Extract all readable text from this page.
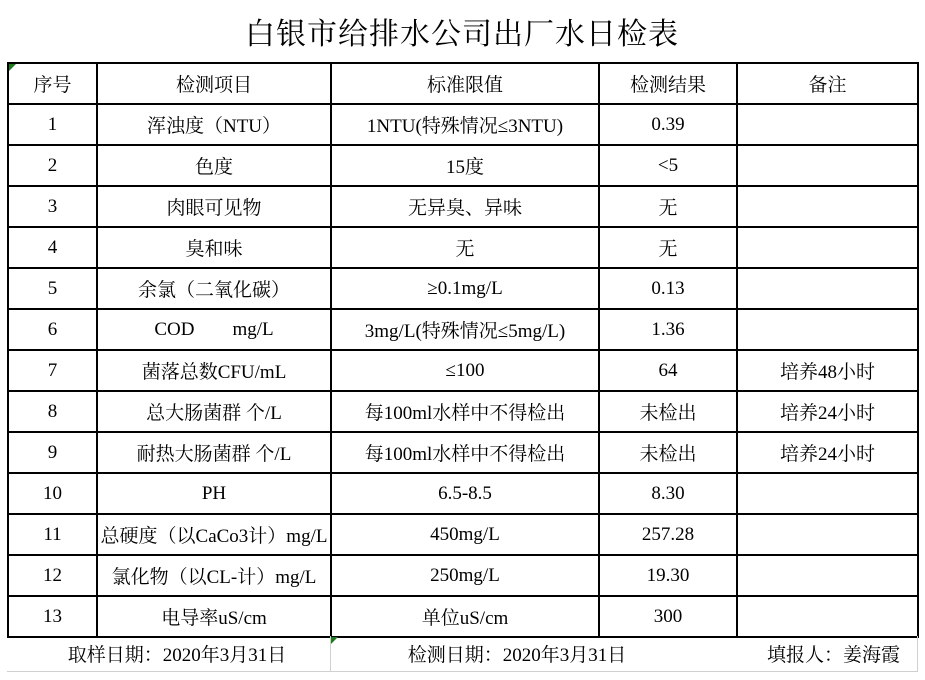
白银市给排水公司出厂水日检表
序号	检测项目	标准限值	检测结果	备注
1	浑浊度（NTU）	1NTU(特殊情况≤3NTU)	0.39	
2	色度	15度	<5	
3	肉眼可见物	无异臭、异味	无	
4	臭和味	无	无	
5	余氯（二氧化碳）	≥0.1mg/L	0.13	
6	COD        mg/L	3mg/L(特殊情况≤5mg/L)	1.36	
7	菌落总数CFU/mL	≤100	64	培养48小时
8	总大肠菌群 个/L	每100ml水样中不得检出	未检出	培养24小时
9	耐热大肠菌群 个/L	每100ml水样中不得检出	未检出	培养24小时
10	PH	6.5-8.5	8.30	
11	总硬度（以CaCo3计）mg/L	450mg/L	257.28	
12	氯化物（以CL-计）mg/L	250mg/L	19.30	
13	电导率uS/cm	单位uS/cm	300	
取样日期：2020年3月31日	检测日期：2020年3月31日	填报人：姜海霞
